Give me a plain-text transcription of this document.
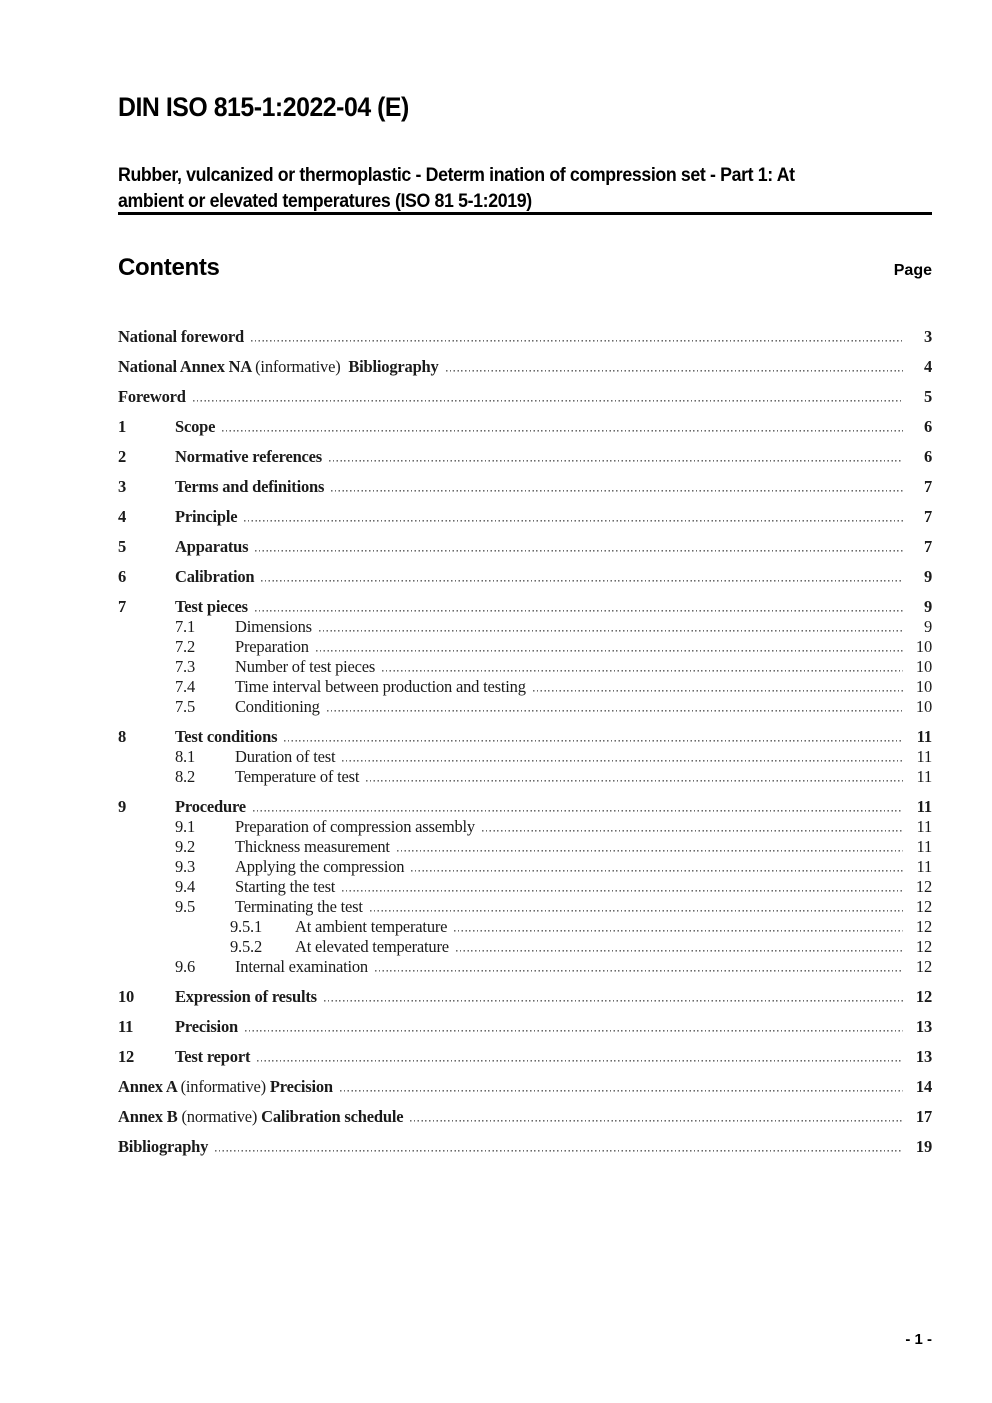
DIN ISO 815-1:2022-04 (E)
Rubber, vulcanized or thermoplastic - Determ ination of compression set - Part 1: At
ambient or elevated temperatures (ISO 81 5-1:2019)
Contents	Page
National foreword	3
National Annex NA (informative) Bibliography	4
Foreword	5
1	Scope	6
2	Normative references	6
3	Terms and definitions	7
4	Principle	7
5	Apparatus	7
6	Calibration	9
7	Test pieces	9
7.1	Dimensions	9
7.2	Preparation	10
7.3	Number of test pieces	10
7.4	Time interval between production and testing	10
7.5	Conditioning	10
8	Test conditions	11
8.1	Duration of test	11
8.2	Temperature of test	11
9	Procedure	11
9.1	Preparation of compression assembly	11
9.2	Thickness measurement	11
9.3	Applying the compression	11
9.4	Starting the test	12
9.5	Terminating the test	12
9.5.1	At ambient temperature	12
9.5.2	At elevated temperature	12
9.6	Internal examination	12
10	Expression of results	12
11	Precision	13
12	Test report	13
Annex A (informative) Precision	14
Annex B (normative) Calibration schedule	17
Bibliography	19
- 1 -
